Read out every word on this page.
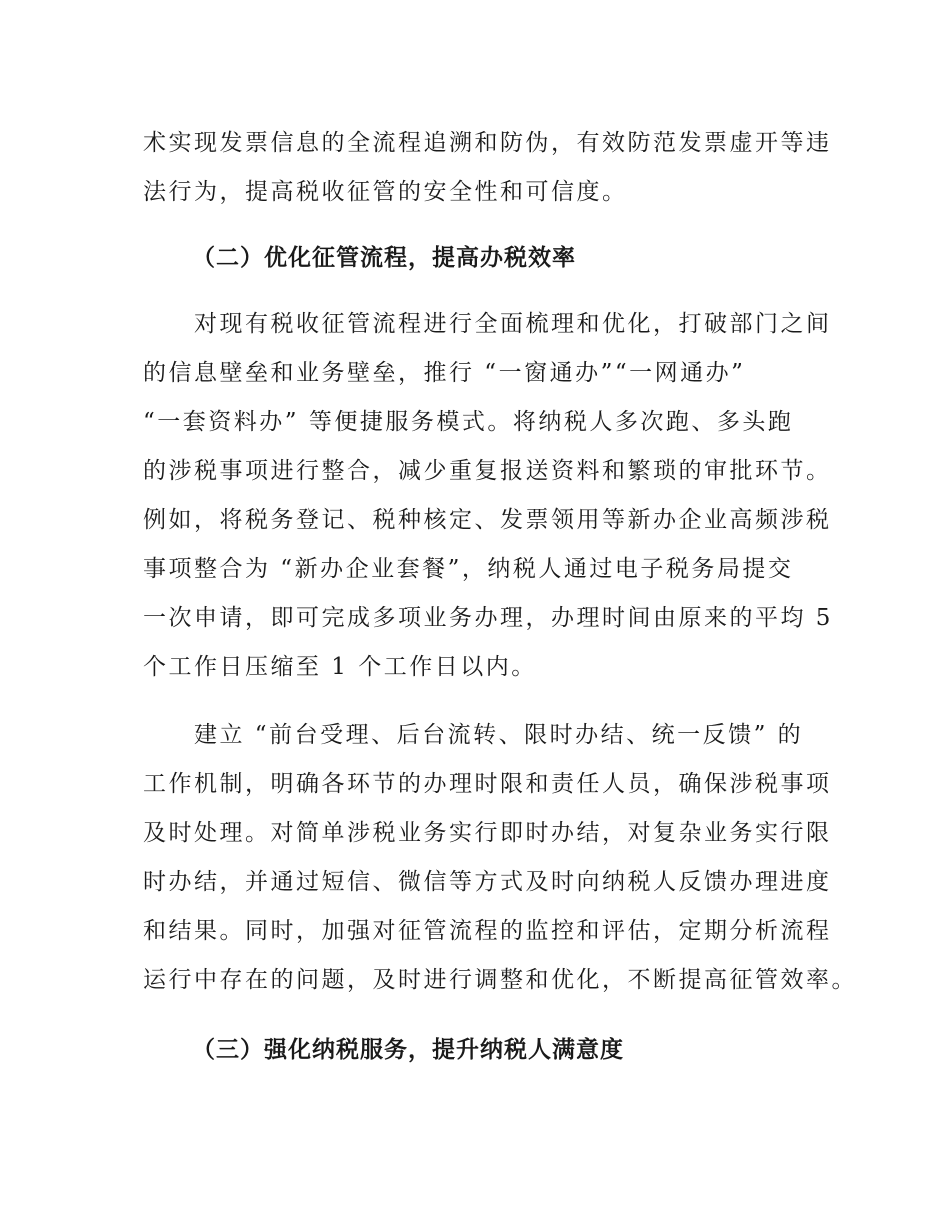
术实现发票信息的全流程追溯和防伪，有效防范发票虚开等违
法行为，提高税收征管的安全性和可信度。
（二）优化征管流程，提高办税效率
　　对现有税收征管流程进行全面梳理和优化，打破部门之间
的信息壁垒和业务壁垒，推行 “一窗通办”“一网通办”
“一套资料办” 等便捷服务模式。将纳税人多次跑、多头跑
的涉税事项进行整合，减少重复报送资料和繁琐的审批环节。
例如，将税务登记、税种核定、发票领用等新办企业高频涉税
事项整合为 “新办企业套餐”，纳税人通过电子税务局提交
一次申请，即可完成多项业务办理，办理时间由原来的平均 5
个工作日压缩至 1 个工作日以内。
　　建立 “前台受理、后台流转、限时办结、统一反馈” 的
工作机制，明确各环节的办理时限和责任人员，确保涉税事项
及时处理。对简单涉税业务实行即时办结，对复杂业务实行限
时办结，并通过短信、微信等方式及时向纳税人反馈办理进度
和结果。同时，加强对征管流程的监控和评估，定期分析流程
运行中存在的问题，及时进行调整和优化，不断提高征管效率。
（三）强化纳税服务，提升纳税人满意度
